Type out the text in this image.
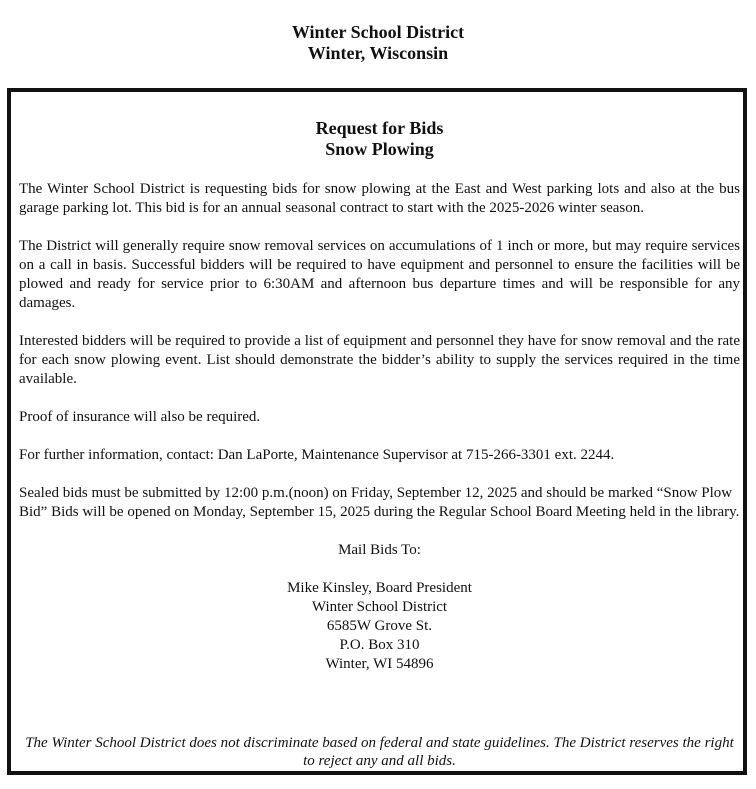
Winter School District
Winter, Wisconsin
Request for Bids
Snow Plowing

The Winter School District is requesting bids for snow plowing at the East and West parking lots and also at the bus garage parking lot. This bid is for an annual seasonal contract to start with the 2025-2026 winter season.

The District will generally require snow removal services on accumulations of 1 inch or more, but may require services on a call in basis. Successful bidders will be required to have equipment and personnel to ensure the facilities will be plowed and ready for service prior to 6:30AM and afternoon bus departure times and will be responsible for any damages.

Interested bidders will be required to provide a list of equipment and personnel they have for snow removal and the rate for each snow plowing event. List should demonstrate the bidder’s ability to supply the services required in the time available.

Proof of insurance will also be required.

For further information, contact: Dan LaPorte, Maintenance Supervisor at 715-266-3301 ext. 2244.

Sealed bids must be submitted by 12:00 p.m.(noon) on Friday, September 12, 2025 and should be marked “Snow Plow Bid” Bids will be opened on Monday, September 15, 2025 during the Regular School Board Meeting held in the library.

Mail Bids To:
Mike Kinsley, Board President
Winter School District
6585W Grove St.
P.O. Box 310
Winter, WI 54896
The Winter School District does not discriminate based on federal and state guidelines. The District reserves the right to reject any and all bids.
